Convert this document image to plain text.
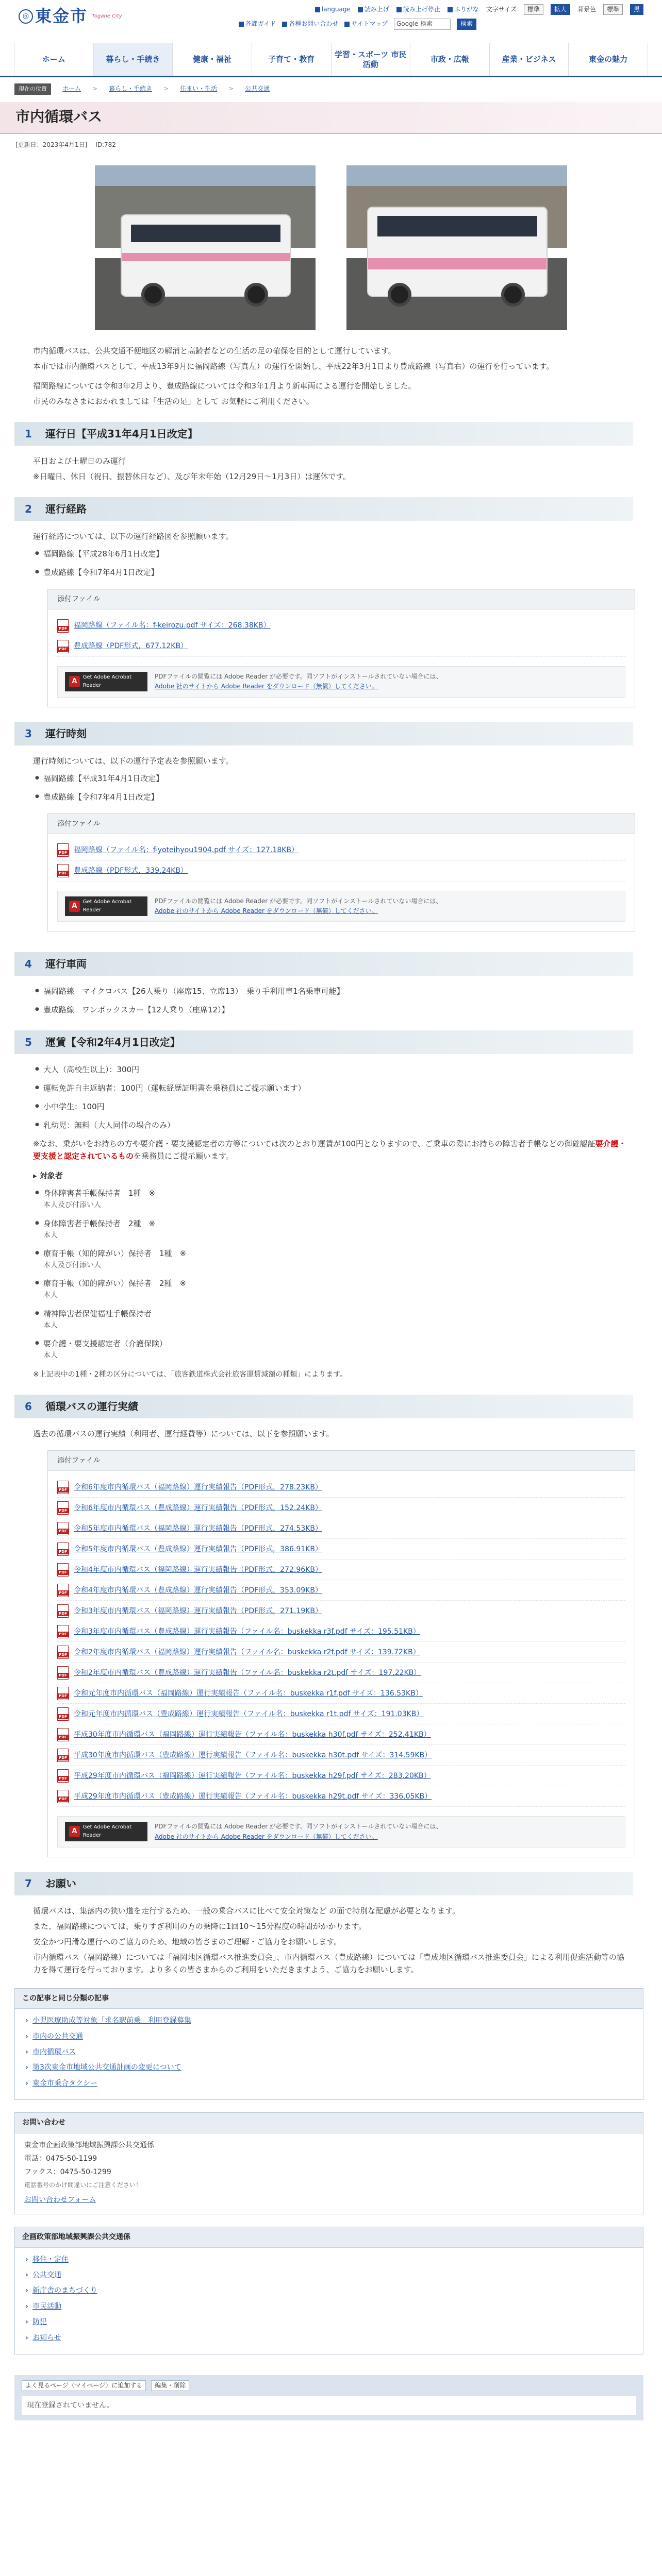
◎ 東金市 Togane City
language 読み上げ 読み上げ停止 ふりがな 文字サイズ	標準	拡大	背景色	標準	黒
各課ガイド 各種お問い合わせ サイトマップ	Google 検索	検索
ホーム	暮らし・手続き	健康・福祉	子育て・教育
学習・スポーツ 市民活動
市政・広報	産業・ビジネス	東金の魅力
現在の位置	ホーム > 暮らし・手続き > 住まい・生活 > 公共交通
市内循環バス
[更新日：2023年4月1日] ID:782

市内循環バスは、公共交通不便地区の解消と高齢者などの生活の足の確保を目的として運行しています。

本市では市内循環バスとして、平成13年9月に福岡路線（写真左）の運行を開始し、平成22年3月1日より豊成路線（写真右）の運行を行っています。

福岡路線については令和3年2月より、豊成路線については令和3年1月より新車両による運行を開始しました。

市民のみなさまにおかれましては「生活の足」として お気軽にご利用ください。

1	運行日【平成31年4月1日改定】

平日および土曜日のみ運行

※日曜日、休日（祝日、振替休日など）、及び年末年始（12月29日～1月3日）は運休です。

2	運行経路

運行経路については、以下の運行経路図を参照願います。

● 福岡路線【平成28年6月1日改定】
● 豊成路線【令和7年4月1日改定】
添付ファイル
PDF
福岡路線（ファイル名：f-keirozu.pdf サイズ：268.38KB）
PDF
豊成路線（PDF形式，677.12KB）
A
Get Adobe Acrobat Reader
PDFファイルの閲覧には Adobe Reader が必要です。同ソフトがインストールされていない場合には、
Adobe 社のサイトから Adobe Reader をダウンロード（無償）してください。
3	運行時刻

運行時刻については、以下の運行予定表を参照願います。

● 福岡路線【平成31年4月1日改定】
● 豊成路線【令和7年4月1日改定】
添付ファイル
PDF
福岡路線（ファイル名：f-yoteihyou1904.pdf サイズ：127.18KB）
PDF
豊成路線（PDF形式，339.24KB）
A
Get Adobe Acrobat Reader
PDFファイルの閲覧には Adobe Reader が必要です。同ソフトがインストールされていない場合には、
Adobe 社のサイトから Adobe Reader をダウンロード（無償）してください。
4	運行車両
● 福岡路線　マイクロバス【26人乗り（座席15、立席13）　乗り手利用車1名乗車可能】
● 豊成路線　ワンボックスカー【12人乗り（座席12）】
5	運賃【令和2年4月1日改定】
● 大人（高校生以上）：300円
● 運転免許自主返納者：100円（運転経歴証明書を乗務員にご提示願います）
● 小中学生：100円
● 乳幼児：無料（大人同伴の場合のみ）

※なお、乗がいをお持ちの方や要介護・要支援認定者の方等については次のとおり運賃が100円となりますので、ご乗車の際にお持ちの障害者手帳などの御確認証要介護・要支援と認定されているものを乗務員にご提示願います。

▸ 対象者
● 身体障害者手帳保持者　1種　※
本人及び付添い人
● 身体障害者手帳保持者　2種　※
本人
● 療育手帳（知的障がい）保持者　1種　※
本人及び付添い人
● 療育手帳（知的障がい）保持者　2種　※
本人
● 精神障害者保健福祉手帳保持者
本人
● 要介護・要支援認定者（介護保険）
本人

※上記表中の1種・2種の区分については、「旅客鉄道株式会社旅客運賃減額の種類」によります。

6	循環バスの運行実績

過去の循環バスの運行実績（利用者、運行経費等）については、以下を参照願います。

添付ファイル
PDF
令和6年度市内循環バス（福岡路線）運行実績報告（PDF形式，278.23KB）
PDF
令和6年度市内循環バス（豊成路線）運行実績報告（PDF形式，152.24KB）
PDF
令和5年度市内循環バス（福岡路線）運行実績報告（PDF形式，274.53KB）
PDF
令和5年度市内循環バス（豊成路線）運行実績報告（PDF形式，386.91KB）
PDF
令和4年度市内循環バス（福岡路線）運行実績報告（PDF形式，272.96KB）
PDF
令和4年度市内循環バス（豊成路線）運行実績報告（PDF形式，353.09KB）
PDF
令和3年度市内循環バス（福岡路線）運行実績報告（PDF形式，271.19KB）
PDF
令和3年度市内循環バス（豊成路線）運行実績報告（ファイル名：buskekka r3f.pdf サイズ：195.51KB）
PDF
令和2年度市内循環バス（福岡路線）運行実績報告（ファイル名：buskekka r2f.pdf サイズ：139.72KB）
PDF
令和2年度市内循環バス（豊成路線）運行実績報告（ファイル名：buskekka r2t.pdf サイズ：197.22KB）
PDF
令和元年度市内循環バス（福岡路線）運行実績報告（ファイル名：buskekka r1f.pdf サイズ：136.53KB）
PDF
令和元年度市内循環バス（豊成路線）運行実績報告（ファイル名：buskekka r1t.pdf サイズ：191.03KB）
PDF
平成30年度市内循環バス（福岡路線）運行実績報告（ファイル名：buskekka h30f.pdf サイズ：252.41KB）
PDF
平成30年度市内循環バス（豊成路線）運行実績報告（ファイル名：buskekka h30t.pdf サイズ：314.59KB）
PDF
平成29年度市内循環バス（福岡路線）運行実績報告（ファイル名：buskekka h29f.pdf サイズ：283.20KB）
PDF
平成29年度市内循環バス（豊成路線）運行実績報告（ファイル名：buskekka h29t.pdf サイズ：336.05KB）
A
Get Adobe Acrobat Reader
PDFファイルの閲覧には Adobe Reader が必要です。同ソフトがインストールされていない場合には、
Adobe 社のサイトから Adobe Reader をダウンロード（無償）してください。
7	お願い

循環バスは、集落内の狭い道を走行するため、一般の乗合バスに比べて安全対策など の面で特別な配慮が必要となります。

また、福岡路線については、乗りすぎ利用の方の乗降に1回10～15分程度の時間がかかります。

安全かつ円滑な運行へのご協力のため、地域の皆さまのご理解・ご協力をお願いします。

市内循環バス（福岡路線）については「福岡地区循環バス推進委員会」、市内循環バス（豊成路線）については「豊成地区循環バス推進委員会」による利用促進活動等の協力を得て運行を行っております。より多くの皆さまからのご利用をいただきますよう、ご協力をお願いします。

この記事と同じ分類の記事
› 小児医療助成等対象「求名駅前乗」利用登録募集
› 市内の公共交通
› 市内循環バス
› 第3次東金市地域公共交通計画の変更について
› 東金市乗合タクシー
お問い合わせ

東金市企画政策部地域振興課公共交通係

電話：0475-50-1199

ファクス：0475-50-1299

電話番号のかけ間違いにご注意ください！

お問い合わせフォーム

企画政策部地域振興課公共交通係
› 移住・定住
› 公共交通
› 新庁舎のまちづくり
› 市民活動
› 防犯
› お知らせ
よく見るページ（マイページ）に追加する	編集・削除
現在登録されていません。
